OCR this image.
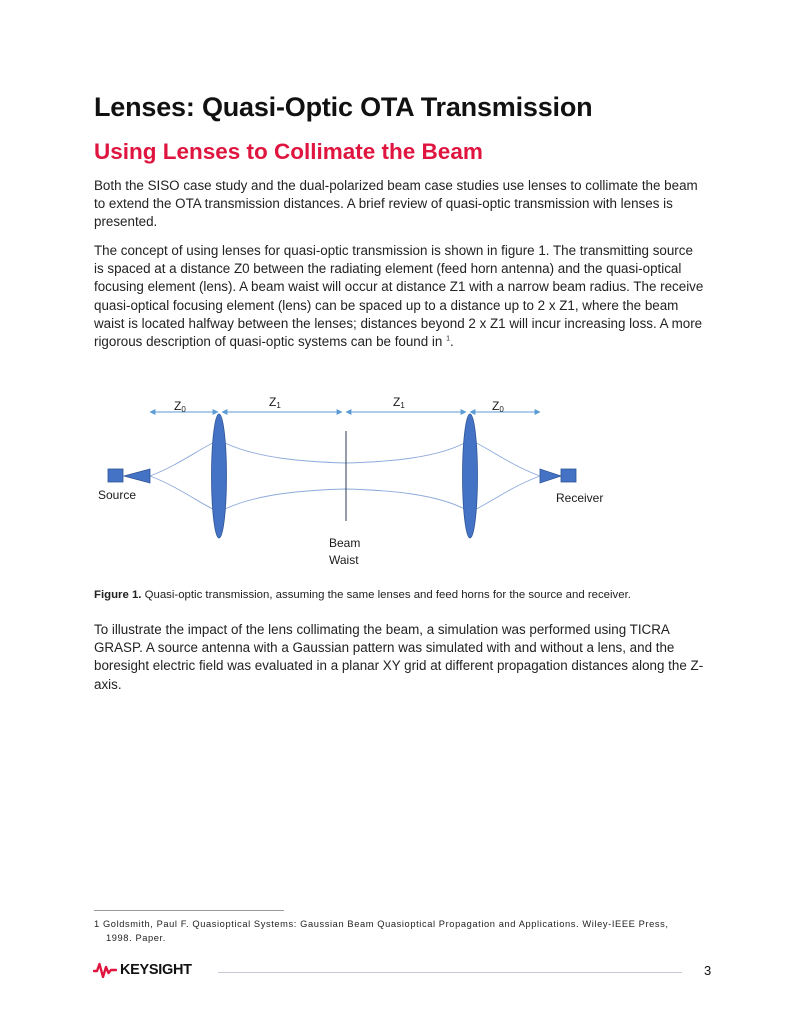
Lenses: Quasi-Optic OTA Transmission
Using Lenses to Collimate the Beam

Both the SISO case study and the dual-polarized beam case studies use lenses to collimate the beam to extend the OTA transmission distances. A brief review of quasi-optic transmission with lenses is presented.

The concept of using lenses for quasi-optic transmission is shown in figure 1. The transmitting source is spaced at a distance Z0 between the radiating element (feed horn antenna) and the quasi-optical focusing element (lens). A beam waist will occur at distance Z1 with a narrow beam radius. The receive quasi-optical focusing element (lens) can be spaced up to a distance up to 2 x Z1, where the beam waist is located halfway between the lenses; distances beyond 2 x Z1 will incur increasing loss. A more rigorous description of quasi-optic systems can be found in $^1$.

Z0
Z1	Z1	Z0
Source	Receiver
Beam
Waist

Figure 1. Quasi-optic transmission, assuming the same lenses and feed horns for the source and receiver.

To illustrate the impact of the lens collimating the beam, a simulation was performed using TICRA GRASP. A source antenna with a Gaussian pattern was simulated with and without a lens, and the boresight electric field was evaluated in a planar XY grid at different propagation distances along the Z-axis.

1 Goldsmith, Paul F. Quasioptical Systems: Gaussian Beam Quasioptical Propagation and Applications. Wiley-IEEE Press,
1998. Paper.

KEYSIGHT	3
